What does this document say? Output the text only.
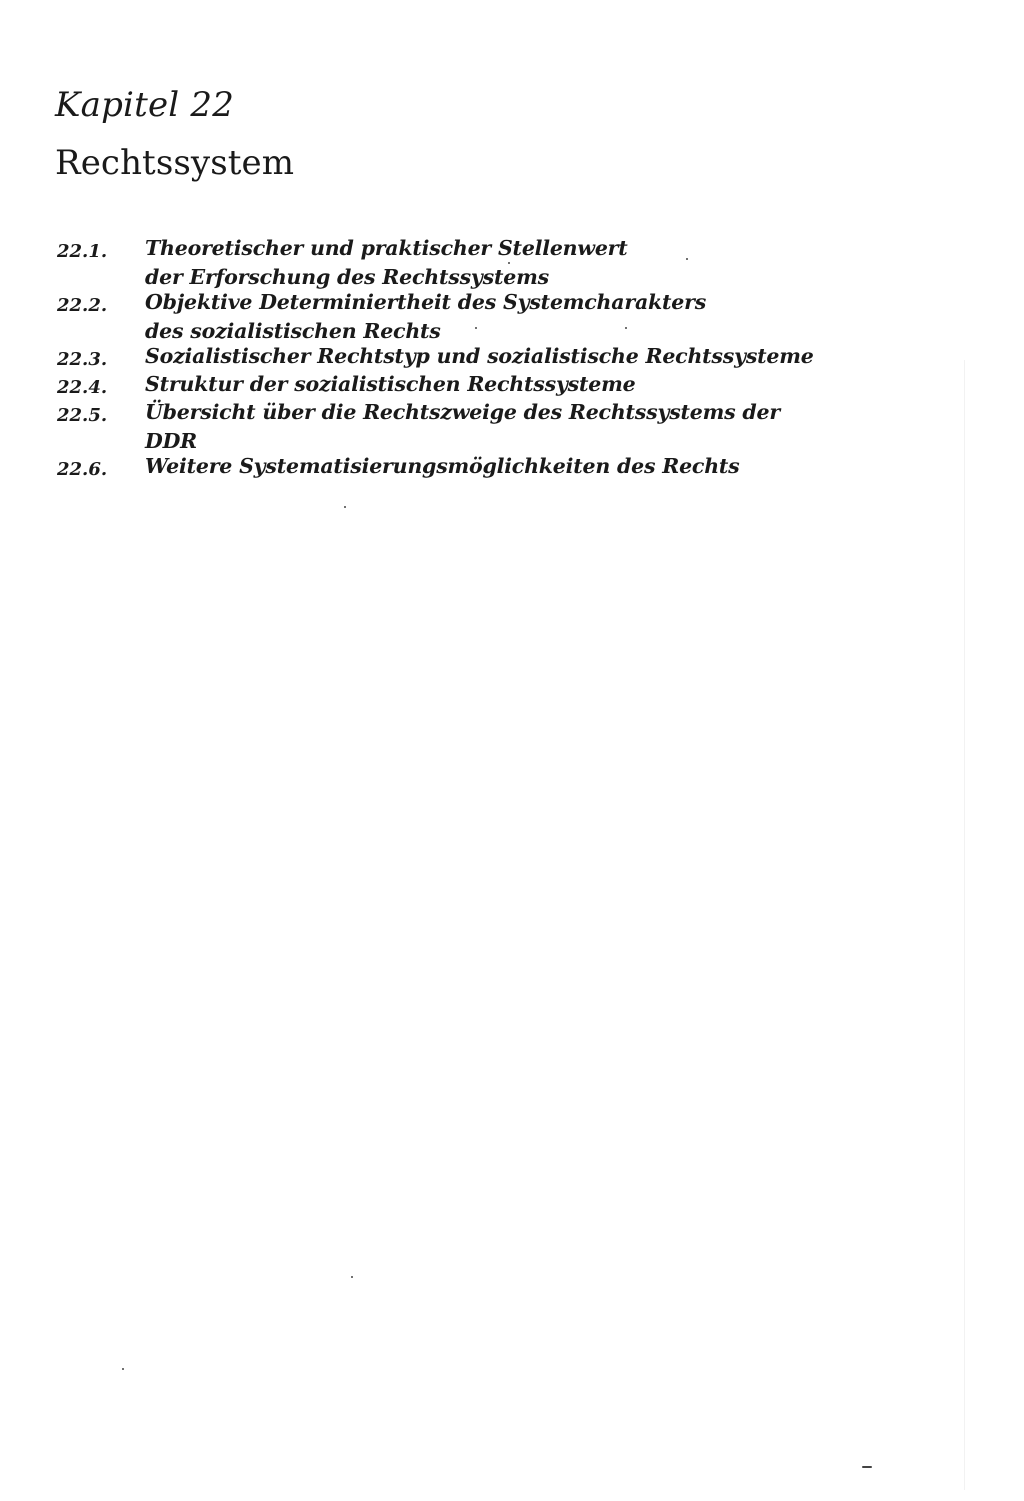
Kapitel 22
Rechtssystem
22.1.	Theoretischer und praktischer Stellenwert
der Erforschung des Rechtssystems
22.2.	Objektive Determiniertheit des Systemcharakters
des sozialistischen Rechts
22.3.	Sozialistischer Rechtstyp und sozialistische Rechtssysteme
22.4.	Struktur der sozialistischen Rechtssysteme
22.5.	Übersicht über die Rechtszweige des Rechtssystems der DDR
22.6.	Weitere Systematisierungsmöglichkeiten des Rechts
